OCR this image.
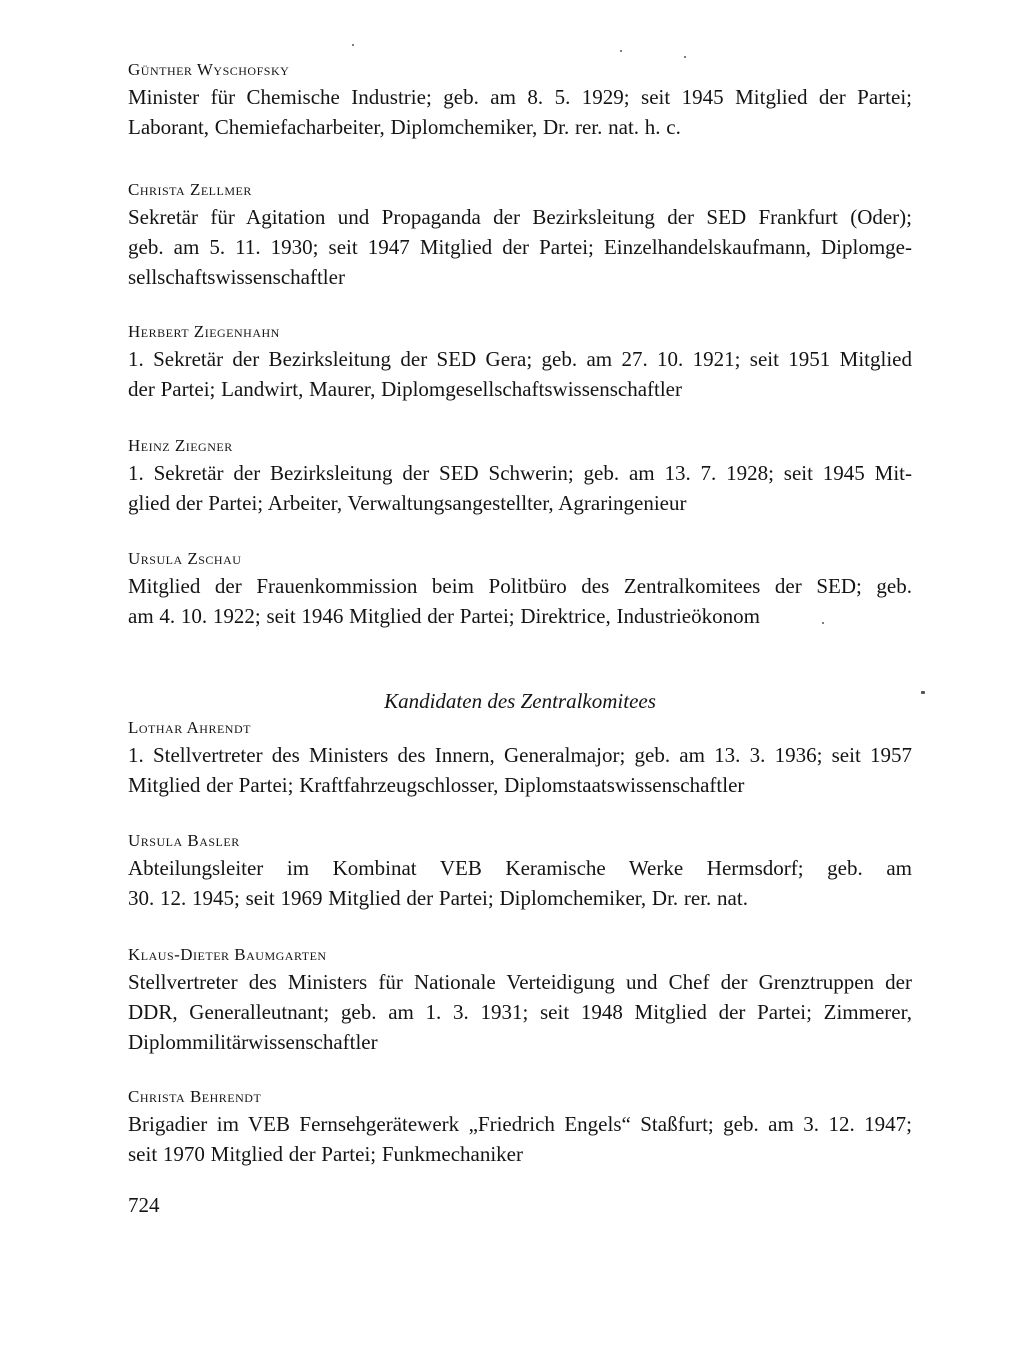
Günther Wyschofsky
Minister für Chemische Industrie; geb. am 8. 5. 1929; seit 1945 Mitglied der Partei;
Laborant, Chemiefacharbeiter, Diplomchemiker, Dr. rer. nat. h. c.
Christa Zellmer
Sekretär für Agitation und Propaganda der Bezirksleitung der SED Frankfurt (Oder);
geb. am 5. 11. 1930; seit 1947 Mitglied der Partei; Einzelhandelskaufmann, Diplomge-
sellschaftswissenschaftler
Herbert Ziegenhahn
1. Sekretär der Bezirksleitung der SED Gera; geb. am 27. 10. 1921; seit 1951 Mitglied
der Partei; Landwirt, Maurer, Diplomgesellschaftswissenschaftler
Heinz Ziegner
1. Sekretär der Bezirksleitung der SED Schwerin; geb. am 13. 7. 1928; seit 1945 Mit-
glied der Partei; Arbeiter, Verwaltungsangestellter, Agraringenieur
Ursula Zschau
Mitglied der Frauenkommission beim Politbüro des Zentralkomitees der SED; geb.
am 4. 10. 1922; seit 1946 Mitglied der Partei; Direktrice, Industrieökonom
Kandidaten des Zentralkomitees
Lothar Ahrendt
1. Stellvertreter des Ministers des Innern, Generalmajor; geb. am 13. 3. 1936; seit 1957
Mitglied der Partei; Kraftfahrzeugschlosser, Diplomstaatswissenschaftler
Ursula Basler
Abteilungsleiter im Kombinat VEB Keramische Werke Hermsdorf; geb. am
30. 12. 1945; seit 1969 Mitglied der Partei; Diplomchemiker, Dr. rer. nat.
Klaus-Dieter Baumgarten
Stellvertreter des Ministers für Nationale Verteidigung und Chef der Grenztruppen der
DDR, Generalleutnant; geb. am 1. 3. 1931; seit 1948 Mitglied der Partei; Zimmerer,
Diplommilitärwissenschaftler
Christa Behrendt
Brigadier im VEB Fernsehgerätewerk „Friedrich Engels“ Staßfurt; geb. am 3. 12. 1947;
seit 1970 Mitglied der Partei; Funkmechaniker
724
